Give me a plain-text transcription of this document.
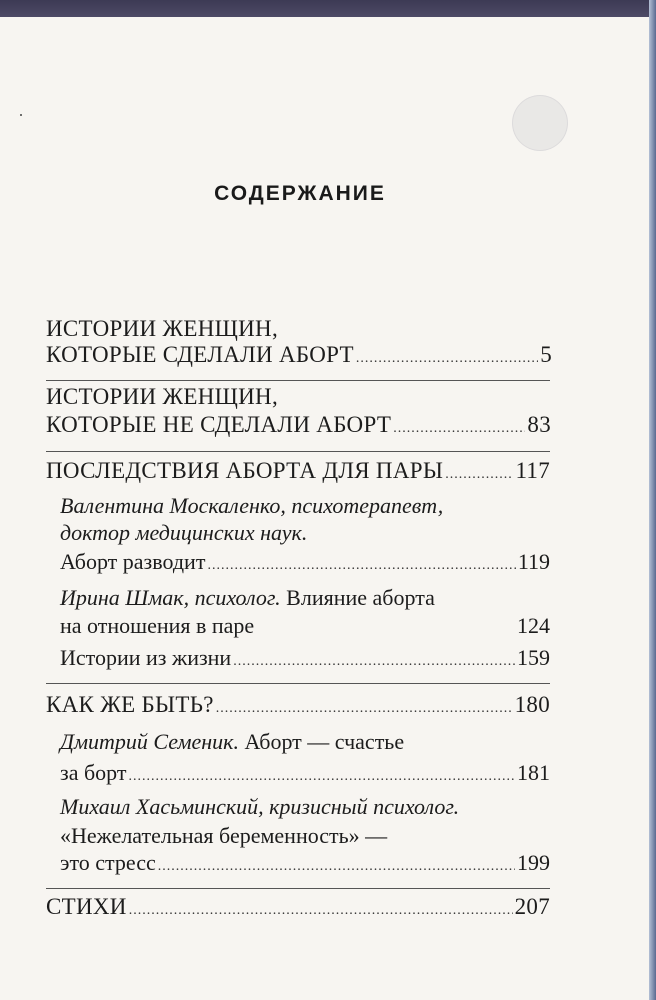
СОДЕРЖАНИЕ
ИСТОРИИ ЖЕНЩИН,
КОТОРЫЕ СДЕЛАЛИ АБОРТ .....	5
ИСТОРИИ ЖЕНЩИН,
КОТОРЫЕ НЕ СДЕЛАЛИ АБОРТ .....	83
ПОСЛЕДСТВИЯ АБОРТА ДЛЯ ПАРЫ .....	117
Валентина Москаленко, психотерапевт,
доктор медицинских наук.
Аборт разводит .....	119
Ирина Шмак, психолог. Влияние аборта
на отношения в паре	124
Истории из жизни .....	159
КАК ЖЕ БЫТЬ? .....	180
Дмитрий Семеник. Аборт — счастье
за борт .....	181
Михаил Хасьминский, кризисный психолог.
«Нежелательная беременность» —
это стресс .....	199
СТИХИ .....	207
